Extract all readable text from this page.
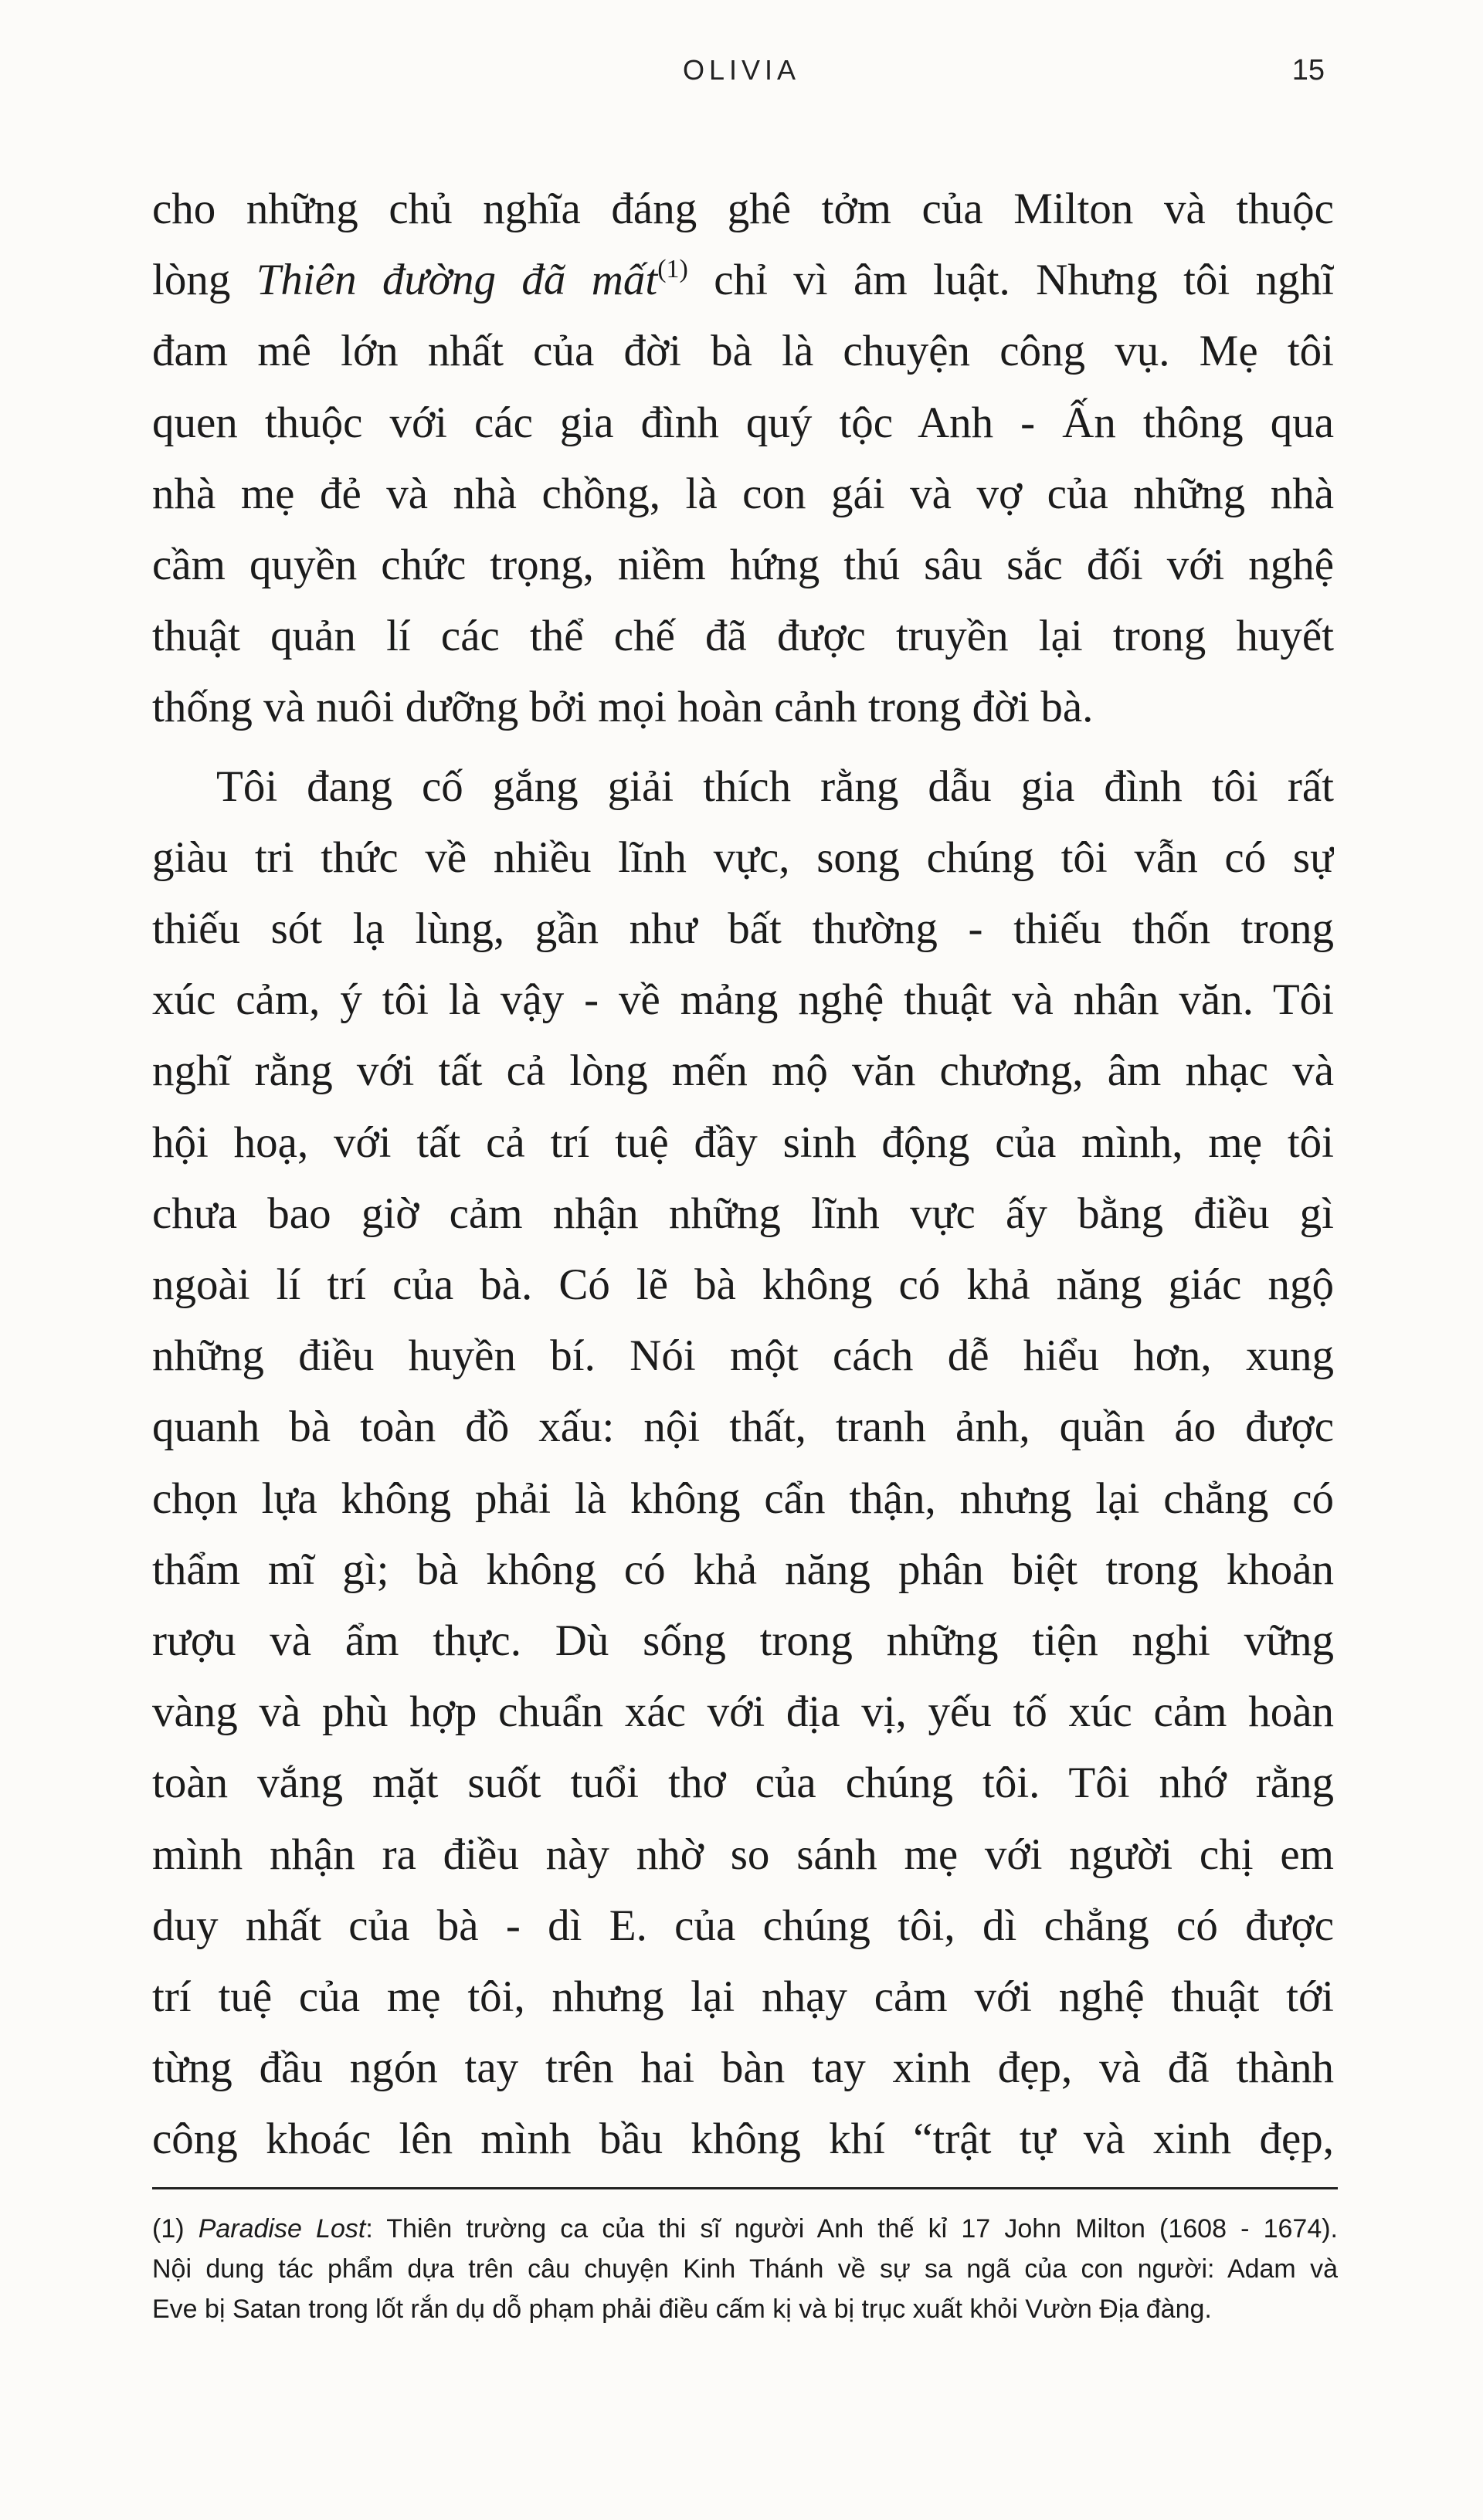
OLIVIA	15
cho những chủ nghĩa đáng ghê tởm của Milton và thuộc
lòng Thiên đường đã mất$^{(1)}$ chỉ vì âm luật. Nhưng tôi nghĩ
đam mê lớn nhất của đời bà là chuyện công vụ. Mẹ tôi
quen thuộc với các gia đình quý tộc Anh - Ấn thông qua
nhà mẹ đẻ và nhà chồng, là con gái và vợ của những nhà
cầm quyền chức trọng, niềm hứng thú sâu sắc đối với nghệ
thuật quản lí các thể chế đã được truyền lại trong huyết
thống và nuôi dưỡng bởi mọi hoàn cảnh trong đời bà.
Tôi đang cố gắng giải thích rằng dẫu gia đình tôi rất
giàu tri thức về nhiều lĩnh vực, song chúng tôi vẫn có sự
thiếu sót lạ lùng, gần như bất thường - thiếu thốn trong
xúc cảm, ý tôi là vậy - về mảng nghệ thuật và nhân văn. Tôi
nghĩ rằng với tất cả lòng mến mộ văn chương, âm nhạc và
hội hoạ, với tất cả trí tuệ đầy sinh động của mình, mẹ tôi
chưa bao giờ cảm nhận những lĩnh vực ấy bằng điều gì
ngoài lí trí của bà. Có lẽ bà không có khả năng giác ngộ
những điều huyền bí. Nói một cách dễ hiểu hơn, xung
quanh bà toàn đồ xấu: nội thất, tranh ảnh, quần áo được
chọn lựa không phải là không cẩn thận, nhưng lại chẳng có
thẩm mĩ gì; bà không có khả năng phân biệt trong khoản
rượu và ẩm thực. Dù sống trong những tiện nghi vững
vàng và phù hợp chuẩn xác với địa vị, yếu tố xúc cảm hoàn
toàn vắng mặt suốt tuổi thơ của chúng tôi. Tôi nhớ rằng
mình nhận ra điều này nhờ so sánh mẹ với người chị em
duy nhất của bà - dì E. của chúng tôi, dì chẳng có được
trí tuệ của mẹ tôi, nhưng lại nhạy cảm với nghệ thuật tới
từng đầu ngón tay trên hai bàn tay xinh đẹp, và đã thành
công khoác lên mình bầu không khí “trật tự và xinh đẹp,
(1) Paradise Lost: Thiên trường ca của thi sĩ người Anh thế kỉ 17 John Milton (1608 - 1674).
Nội dung tác phẩm dựa trên câu chuyện Kinh Thánh về sự sa ngã của con người: Adam và
Eve bị Satan trong lốt rắn dụ dỗ phạm phải điều cấm kị và bị trục xuất khỏi Vườn Địa đàng.
